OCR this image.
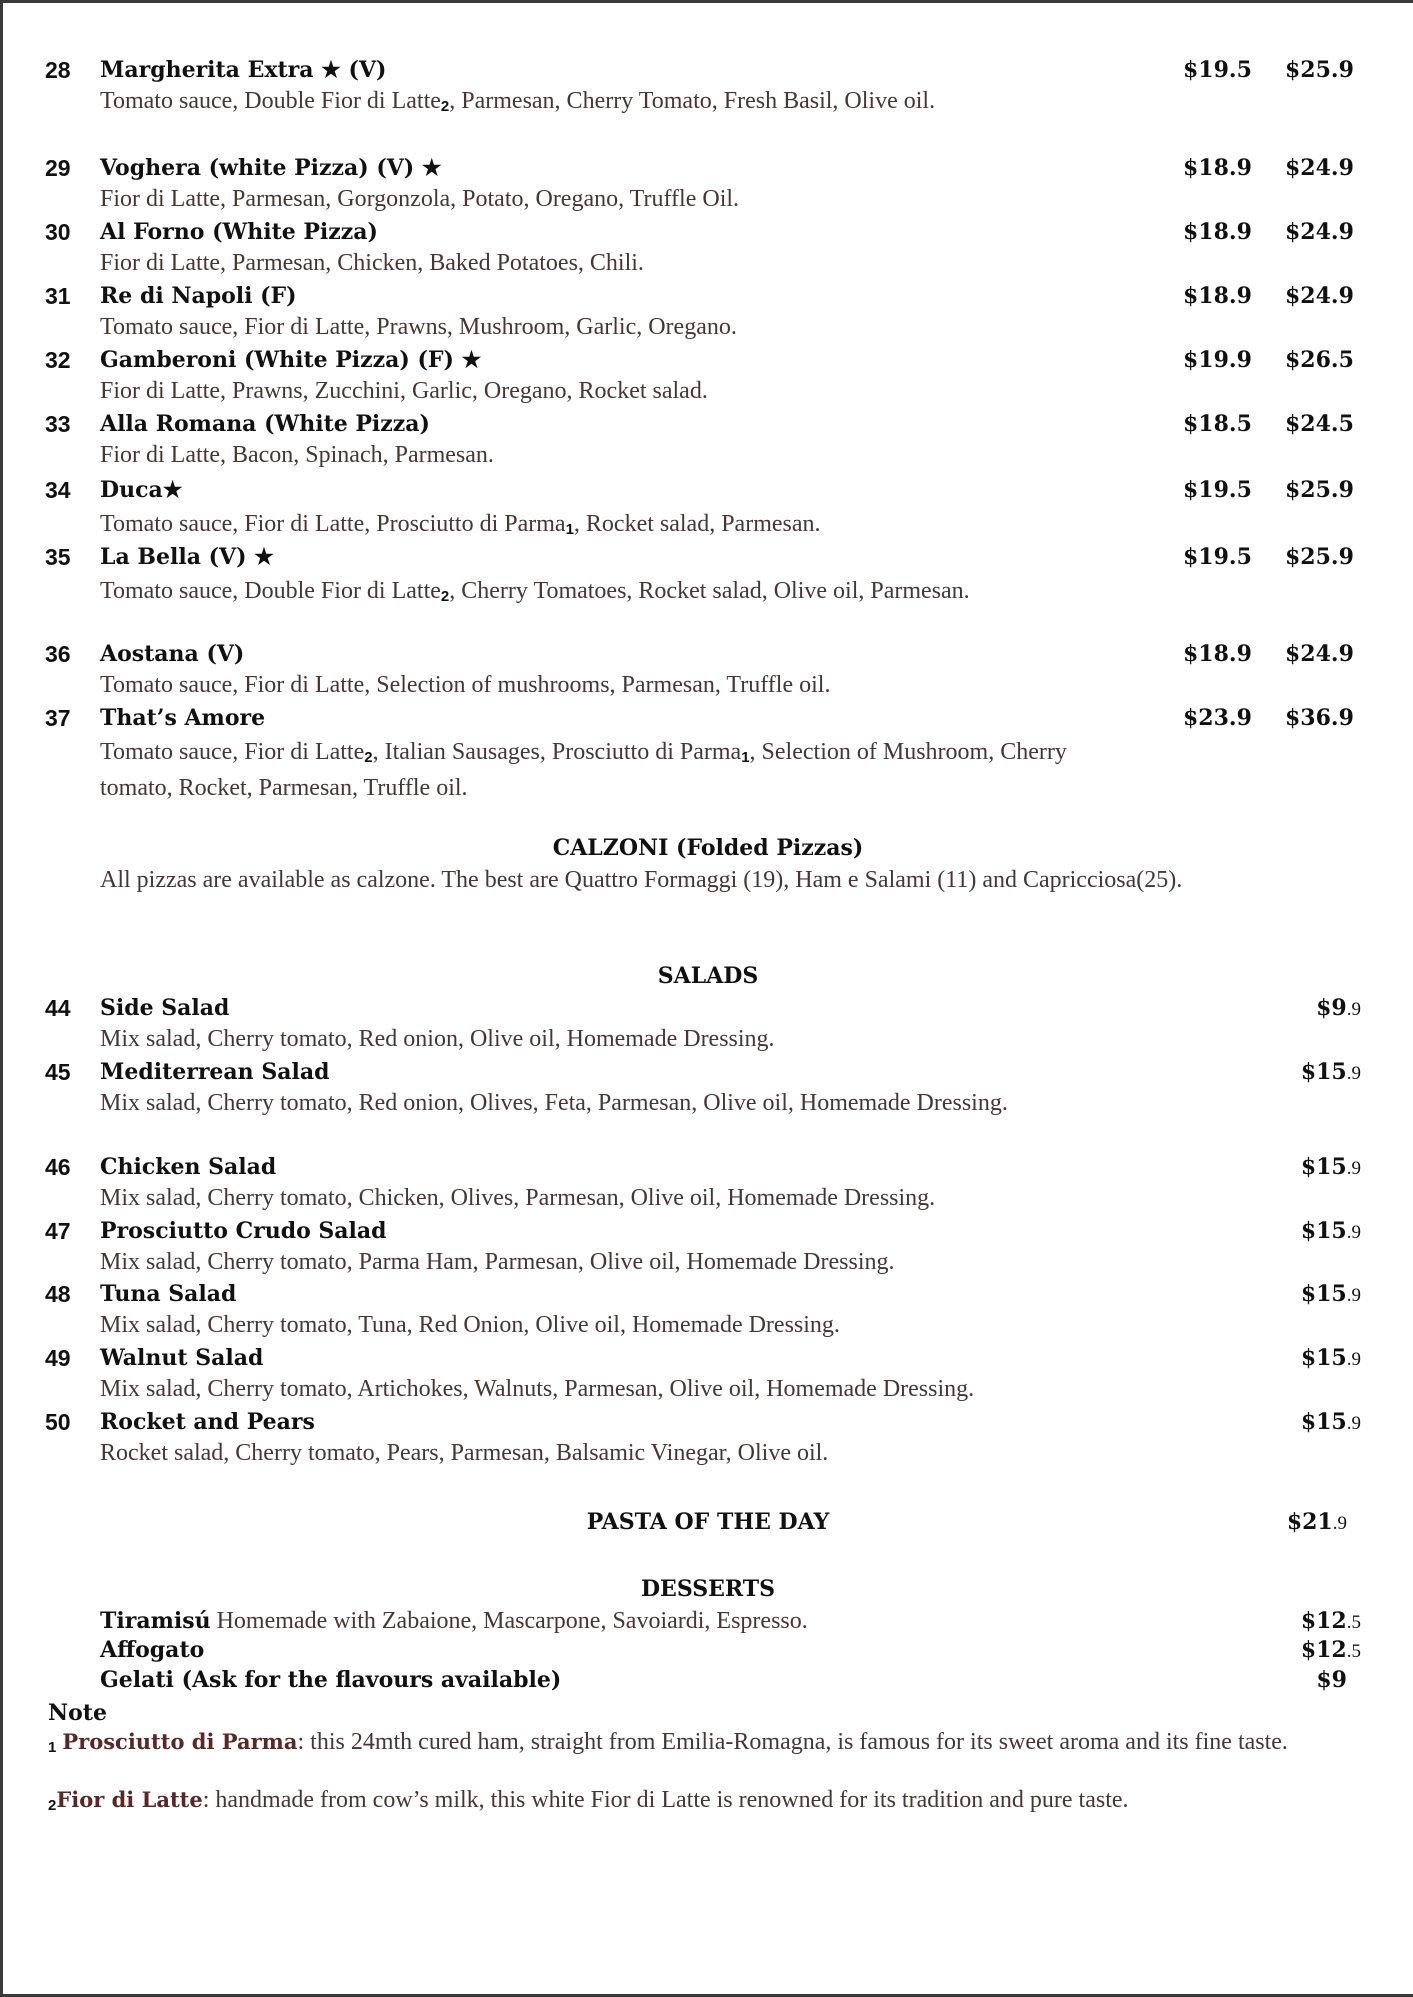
28 Margherita Extra ★ (V)	$19.5 $25.9
Tomato sauce, Double Fior di Latte$_2$, Parmesan, Cherry Tomato, Fresh Basil, Olive oil.
29 Voghera (white Pizza) (V) ★	$18.9 $24.9
Fior di Latte, Parmesan, Gorgonzola, Potato, Oregano, Truffle Oil.
30 Al Forno (White Pizza)	$18.9 $24.9
Fior di Latte, Parmesan, Chicken, Baked Potatoes, Chili.
31 Re di Napoli (F)	$18.9 $24.9
Tomato sauce, Fior di Latte, Prawns, Mushroom, Garlic, Oregano.
32 Gamberoni (White Pizza) (F) ★	$19.9 $26.5
Fior di Latte, Prawns, Zucchini, Garlic, Oregano, Rocket salad.
33 Alla Romana (White Pizza)	$18.5 $24.5
Fior di Latte, Bacon, Spinach, Parmesan.
34 Duca★	$19.5 $25.9
Tomato sauce, Fior di Latte, Prosciutto di Parma$_1$, Rocket salad, Parmesan.
35 La Bella (V) ★	$19.5 $25.9
Tomato sauce, Double Fior di Latte$_2$, Cherry Tomatoes, Rocket salad, Olive oil, Parmesan.
36 Aostana (V)	$18.9 $24.9
Tomato sauce, Fior di Latte, Selection of mushrooms, Parmesan, Truffle oil.
37 That’s Amore	$23.9 $36.9
Tomato sauce, Fior di Latte$_2$, Italian Sausages, Prosciutto di Parma$_1$, Selection of Mushroom, Cherry tomato, Rocket, Parmesan, Truffle oil.
CALZONI (Folded Pizzas)
All pizzas are available as calzone. The best are Quattro Formaggi (19), Ham e Salami (11) and Capricciosa(25).
SALADS
44 Side Salad	$9.9
Mix salad, Cherry tomato, Red onion, Olive oil, Homemade Dressing.
45 Mediterrean Salad	$15.9
Mix salad, Cherry tomato, Red onion, Olives, Feta, Parmesan, Olive oil, Homemade Dressing.
46 Chicken Salad	$15.9
Mix salad, Cherry tomato, Chicken, Olives, Parmesan, Olive oil, Homemade Dressing.
47 Prosciutto Crudo Salad	$15.9
Mix salad, Cherry tomato, Parma Ham, Parmesan, Olive oil, Homemade Dressing.
48 Tuna Salad	$15.9
Mix salad, Cherry tomato, Tuna, Red Onion, Olive oil, Homemade Dressing.
49 Walnut Salad	$15.9
Mix salad, Cherry tomato, Artichokes, Walnuts, Parmesan, Olive oil, Homemade Dressing.
50 Rocket and Pears	$15.9
Rocket salad, Cherry tomato, Pears, Parmesan, Balsamic Vinegar, Olive oil.
PASTA OF THE DAY	$21.9
DESSERTS
Tiramisú Homemade with Zabaione, Mascarpone, Savoiardi, Espresso.	$12.5
Affogato	$12.5
Gelati (Ask for the flavours available)	$9
Note
$_1$ Prosciutto di Parma: this 24mth cured ham, straight from Emilia-Romagna, is famous for its sweet aroma and its fine taste.
$_2$Fior di Latte: handmade from cow’s milk, this white Fior di Latte is renowned for its tradition and pure taste.
